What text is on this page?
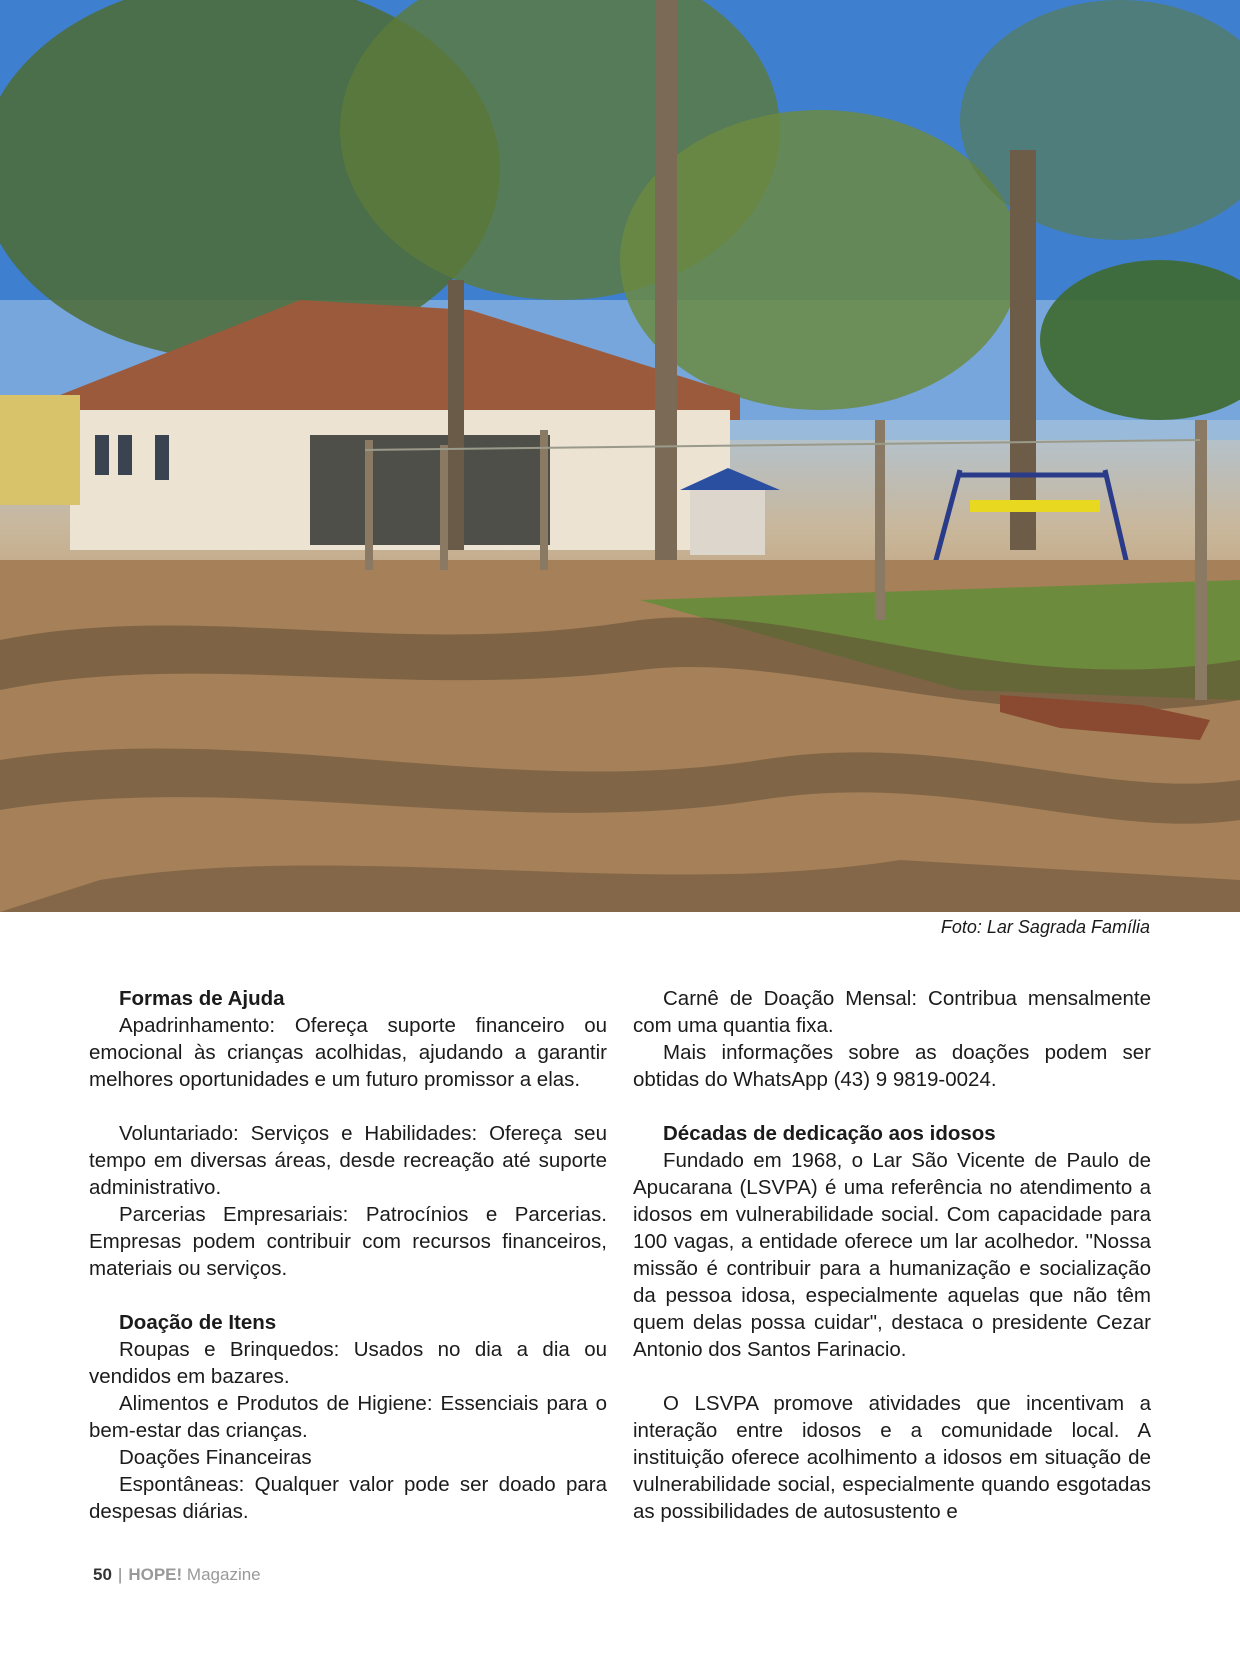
Foto: Lar Sagrada Família

Formas de Ajuda

Apadrinhamento: Ofereça suporte financeiro ou emocional às crianças acolhidas, ajudando a garantir melhores oportunidades e um futuro promissor a elas.

Voluntariado: Serviços e Habilidades: Ofereça seu tempo em diversas áreas, desde recreação até suporte administrativo.

Parcerias Empresariais: Patrocínios e Parcerias. Empresas podem contribuir com recursos financeiros, materiais ou serviços.

Doação de Itens

Roupas e Brinquedos: Usados no dia a dia ou vendidos em bazares.

Alimentos e Produtos de Higiene: Essenciais para o bem-estar das crianças.

Doações Financeiras

Espontâneas: Qualquer valor pode ser doado para despesas diárias.

Carnê de Doação Mensal: Contribua mensalmente com uma quantia fixa.

Mais informações sobre as doações podem ser obtidas do WhatsApp (43) 9 9819-0024.

Décadas de dedicação aos idosos

Fundado em 1968, o Lar São Vicente de Paulo de Apucarana (LSVPA) é uma referência no atendimento a idosos em vulnerabilidade social. Com capacidade para 100 vagas, a entidade oferece um lar acolhedor. "Nossa missão é contribuir para a humanização e socialização da pessoa idosa, especialmente aquelas que não têm quem delas possa cuidar", destaca o presidente Cezar Antonio dos Santos Farinacio.

O LSVPA promove atividades que incentivam a interação entre idosos e a comunidade local. A instituição oferece acolhimento a idosos em situação de vulnerabilidade social, especialmente quando esgotadas as possibilidades de autosustento e

50 | HOPE! Magazine
